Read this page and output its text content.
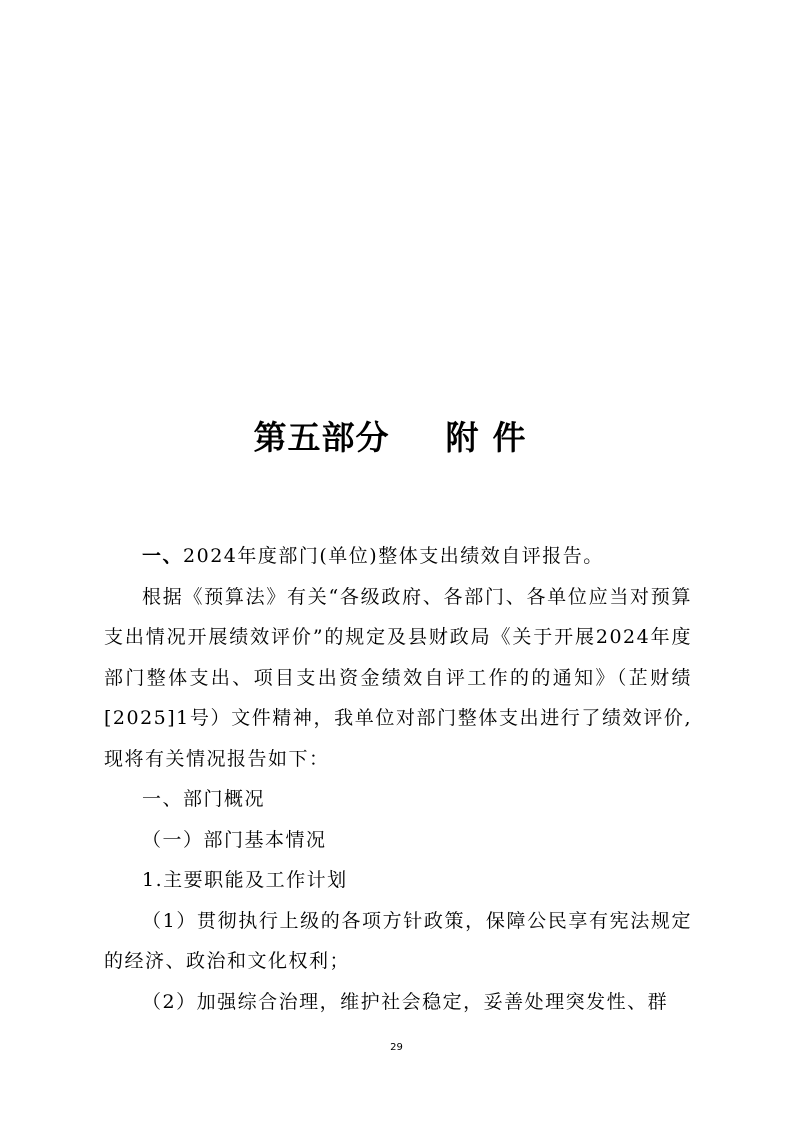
第五部分 附件

一、2024年度部门(单位)整体支出绩效自评报告。

根据《预算法》有关“各级政府、各部门、各单位应当对预算支出情况开展绩效评价”的规定及县财政局《关于开展2024年度部门整体支出、项目支出资金绩效自评工作的的通知》（芷财绩[2025]1号）文件精神，我单位对部门整体支出进行了绩效评价,现将有关情况报告如下：

一、部门概况

（一）部门基本情况

1.主要职能及工作计划

（1）贯彻执行上级的各项方针政策，保障公民享有宪法规定的经济、政治和文化权利；

（2）加强综合治理，维护社会稳定，妥善处理突发性、群

29
